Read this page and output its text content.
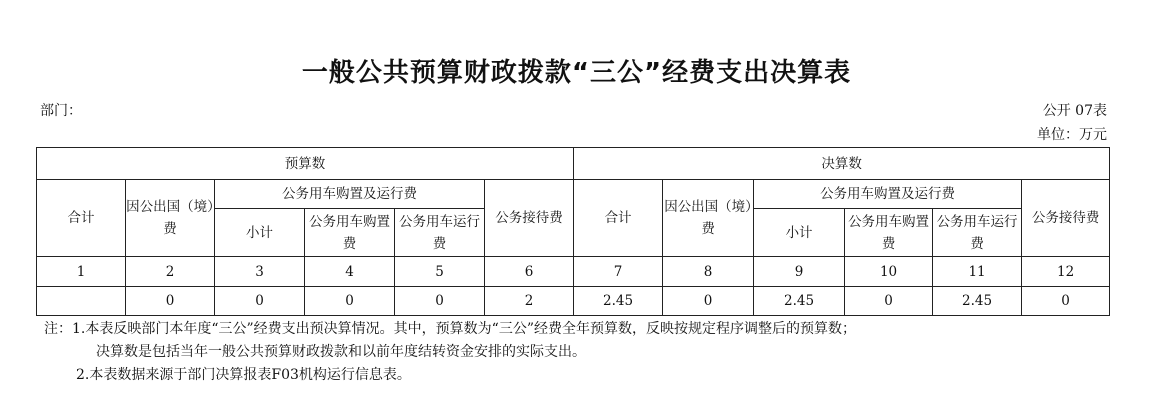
一般公共预算财政拨款“三公”经费支出决算表
部门：	公开 07表
单位：万元
预算数						决算数					
合计	因公出国（境）费	公务用车购置及运行费			公务接待费	合计	因公出国（境）费	公务用车购置及运行费			公务接待费
		小计	公务用车购置费	公务用车运行费				小计	公务用车购置费	公务用车运行费	
1	2	3	4	5	6	7	8	9	10	11	12
	0	0	0	0	2	2.45	0	2.45	0	2.45	0
注：1.本表反映部门本年度“三公”经费支出预决算情况。其中，预算数为“三公”经费全年预算数，反映按规定程序调整后的预算数；
决算数是包括当年一般公共预算财政拨款和以前年度结转资金安排的实际支出。
2.本表数据来源于部门决算报表F03机构运行信息表。
